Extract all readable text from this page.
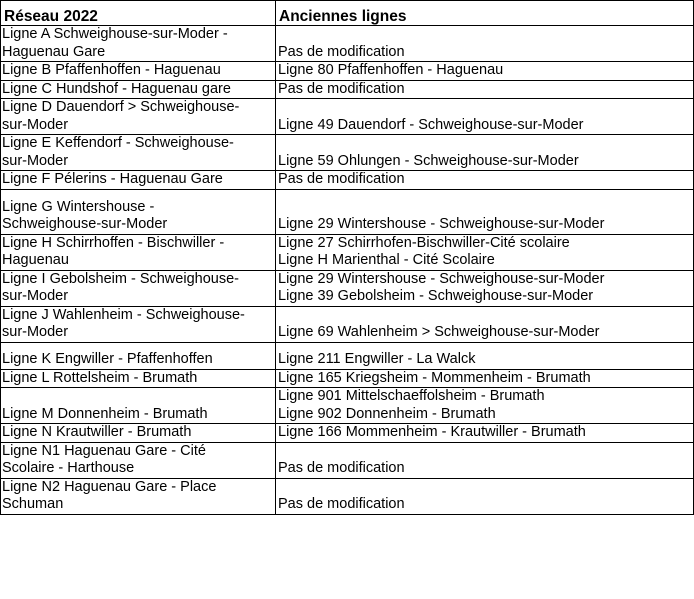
Réseau 2022	Anciennes lignes

Ligne A Schweighouse-sur-Moder -
Haguenau Gare	Pas de modification

Ligne B Pfaffenhoffen - Haguenau	Ligne 80 Pfaffenhoffen - Haguenau

Ligne C Hundshof - Haguenau gare	Pas de modification

Ligne D Dauendorf > Schweighouse-
sur-Moder	Ligne 49 Dauendorf - Schweighouse-sur-Moder

Ligne E Keffendorf - Schweighouse-
sur-Moder	Ligne 59 Ohlungen - Schweighouse-sur-Moder

Ligne F Pélerins - Haguenau Gare	Pas de modification

Ligne G Wintershouse -
Schweighouse-sur-Moder	Ligne 29 Wintershouse - Schweighouse-sur-Moder

Ligne H Schirrhoffen - Bischwiller -
Haguenau	Ligne 27 Schirrhofen-Bischwiller-Cité scolaire
Ligne H Marienthal - Cité Scolaire

Ligne I Gebolsheim - Schweighouse-
sur-Moder	Ligne 29 Wintershouse - Schweighouse-sur-Moder
Ligne 39 Gebolsheim - Schweighouse-sur-Moder

Ligne J Wahlenheim - Schweighouse-
sur-Moder	Ligne 69 Wahlenheim > Schweighouse-sur-Moder

Ligne K Engwiller - Pfaffenhoffen	Ligne 211 Engwiller - La Walck

Ligne L Rottelsheim - Brumath	Ligne 165 Kriegsheim - Mommenheim - Brumath

Ligne M Donnenheim - Brumath	Ligne 901 Mittelschaeffolsheim - Brumath
Ligne 902 Donnenheim - Brumath

Ligne N Krautwiller - Brumath	Ligne 166 Mommenheim - Krautwiller - Brumath

Ligne N1 Haguenau Gare - Cité
Scolaire - Harthouse	Pas de modification

Ligne N2 Haguenau Gare - Place
Schuman	Pas de modification
